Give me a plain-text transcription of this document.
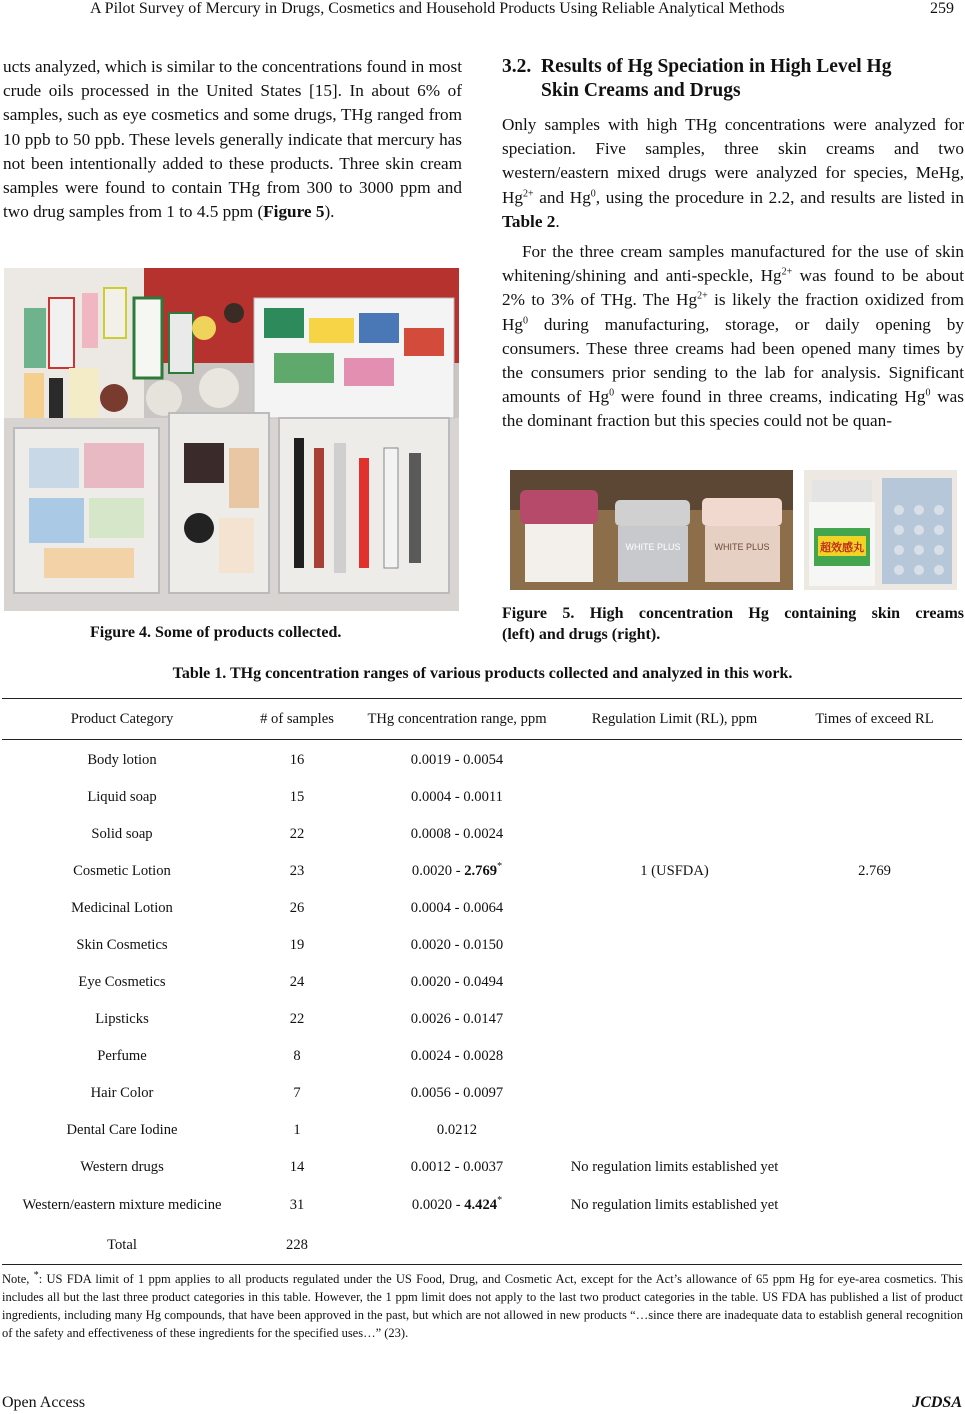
A Pilot Survey of Mercury in Drugs, Cosmetics and Household Products Using Reliable Analytical Methods	259

ucts analyzed, which is similar to the concentrations found in most crude oils processed in the United States [15]. In about 6% of samples, such as eye cosmetics and some drugs, THg ranged from 10 ppb to 50 ppb. These levels generally indicate that mercury has not been intentionally added to these products. Three skin cream samples were found to contain THg from 300 to 3000 ppm and two drug samples from 1 to 4.5 ppm (Figure 5).

Figure 4. Some of products collected.
3.2. Results of Hg Speciation in High Level Hg
Skin Creams and Drugs

Only samples with high THg concentrations were analyzed for speciation. Five samples, three skin creams and two western/eastern mixed drugs were analyzed for species, MeHg, $Hg^{2+}$ and Hg$^0$, using the procedure in 2.2, and results are listed in Table 2.

For the three cream samples manufactured for the use of skin whitening/shining and anti-speckle, $Hg^{2+}$ was found to be about 2% to 3% of THg. The $Hg^{2+}$ is likely the fraction oxidized from Hg$^0$ during manufacturing, storage, or daily opening by consumers. These three creams had been opened many times by the consumers prior sending to the lab for analysis. Significant amounts of Hg$^0$ were found in three creams, indicating Hg$^0$ was the dominant fraction but this species could not be quan-

WHITE PLUS	WHITE PLUS	超效感丸
Figure 5. High concentration Hg containing skin creams
(left) and drugs (right).
Table 1. THg concentration ranges of various products collected and analyzed in this work.
Product Category	# of samples	THg concentration range, ppm	Regulation Limit (RL), ppm	Times of exceed RL
Body lotion	16	0.0019 - 0.0054		
Liquid soap	15	0.0004 - 0.0011		
Solid soap	22	0.0008 - 0.0024		
Cosmetic Lotion	23	0.0020 - 2.769*	1 (USFDA)	2.769
Medicinal Lotion	26	0.0004 - 0.0064		
Skin Cosmetics	19	0.0020 - 0.0150		
Eye Cosmetics	24	0.0020 - 0.0494		
Lipsticks	22	0.0026 - 0.0147		
Perfume	8	0.0024 - 0.0028		
Hair Color	7	0.0056 - 0.0097		
Dental Care Iodine	1	0.0212		
Western drugs	14	0.0012 - 0.0037	No regulation limits established yet	
Western/eastern mixture medicine	31	0.0020 - 4.424*	No regulation limits established yet	
Total	228			
Note, *: US FDA limit of 1 ppm applies to all products regulated under the US Food, Drug, and Cosmetic Act, except for the Act’s allowance of 65 ppm Hg for eye-area cosmetics. This includes all but the last three product categories in this table. However, the 1 ppm limit does not apply to the last two product categories in the table. US FDA has published a list of product ingredients, including many Hg compounds, that have been approved in the past, but which are not allowed in new products “…since there are inadequate data to establish general recognition of the safety and effectiveness of these ingredients for the specified uses…” (23).
Open Access	JCDSA
